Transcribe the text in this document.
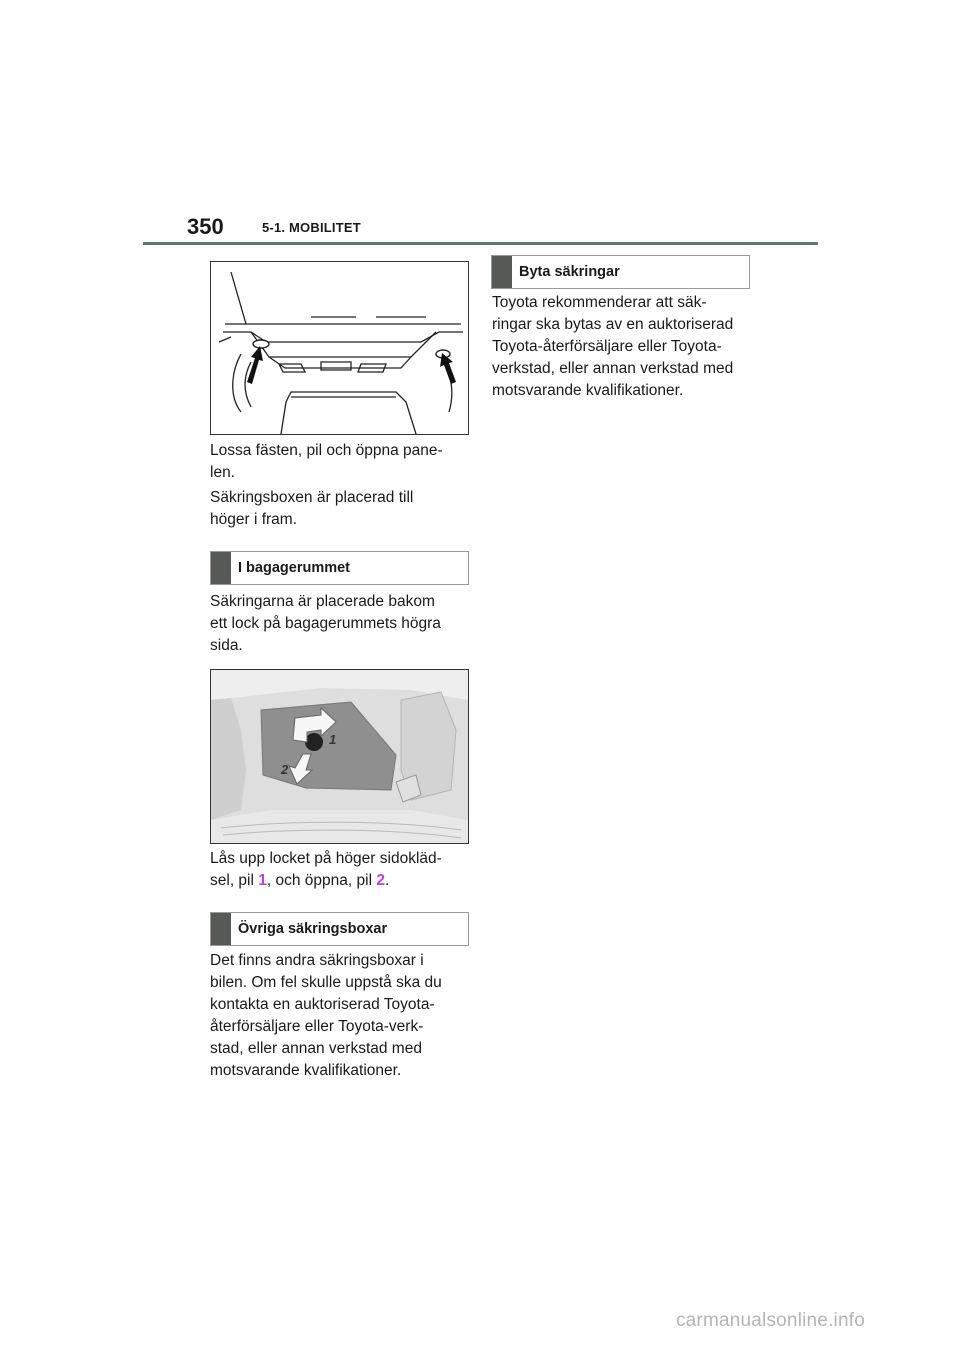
350	5-1. MOBILITET
Lossa fästen, pil och öppna pane-
len.
Säkringsboxen är placerad till
höger i fram.
I bagagerummet
Säkringarna är placerade bakom
ett lock på bagagerummets högra
sida.
1
2
Lås upp locket på höger sidokläd-
sel, pil 1, och öppna, pil 2.
Övriga säkringsboxar
Det finns andra säkringsboxar i
bilen. Om fel skulle uppstå ska du
kontakta en auktoriserad Toyota-
återförsäljare eller Toyota-verk-
stad, eller annan verkstad med
motsvarande kvalifikationer.
Byta säkringar
Toyota rekommenderar att säk-
ringar ska bytas av en auktoriserad
Toyota-återförsäljare eller Toyota-
verkstad, eller annan verkstad med
motsvarande kvalifikationer.
carmanualsonline.info
